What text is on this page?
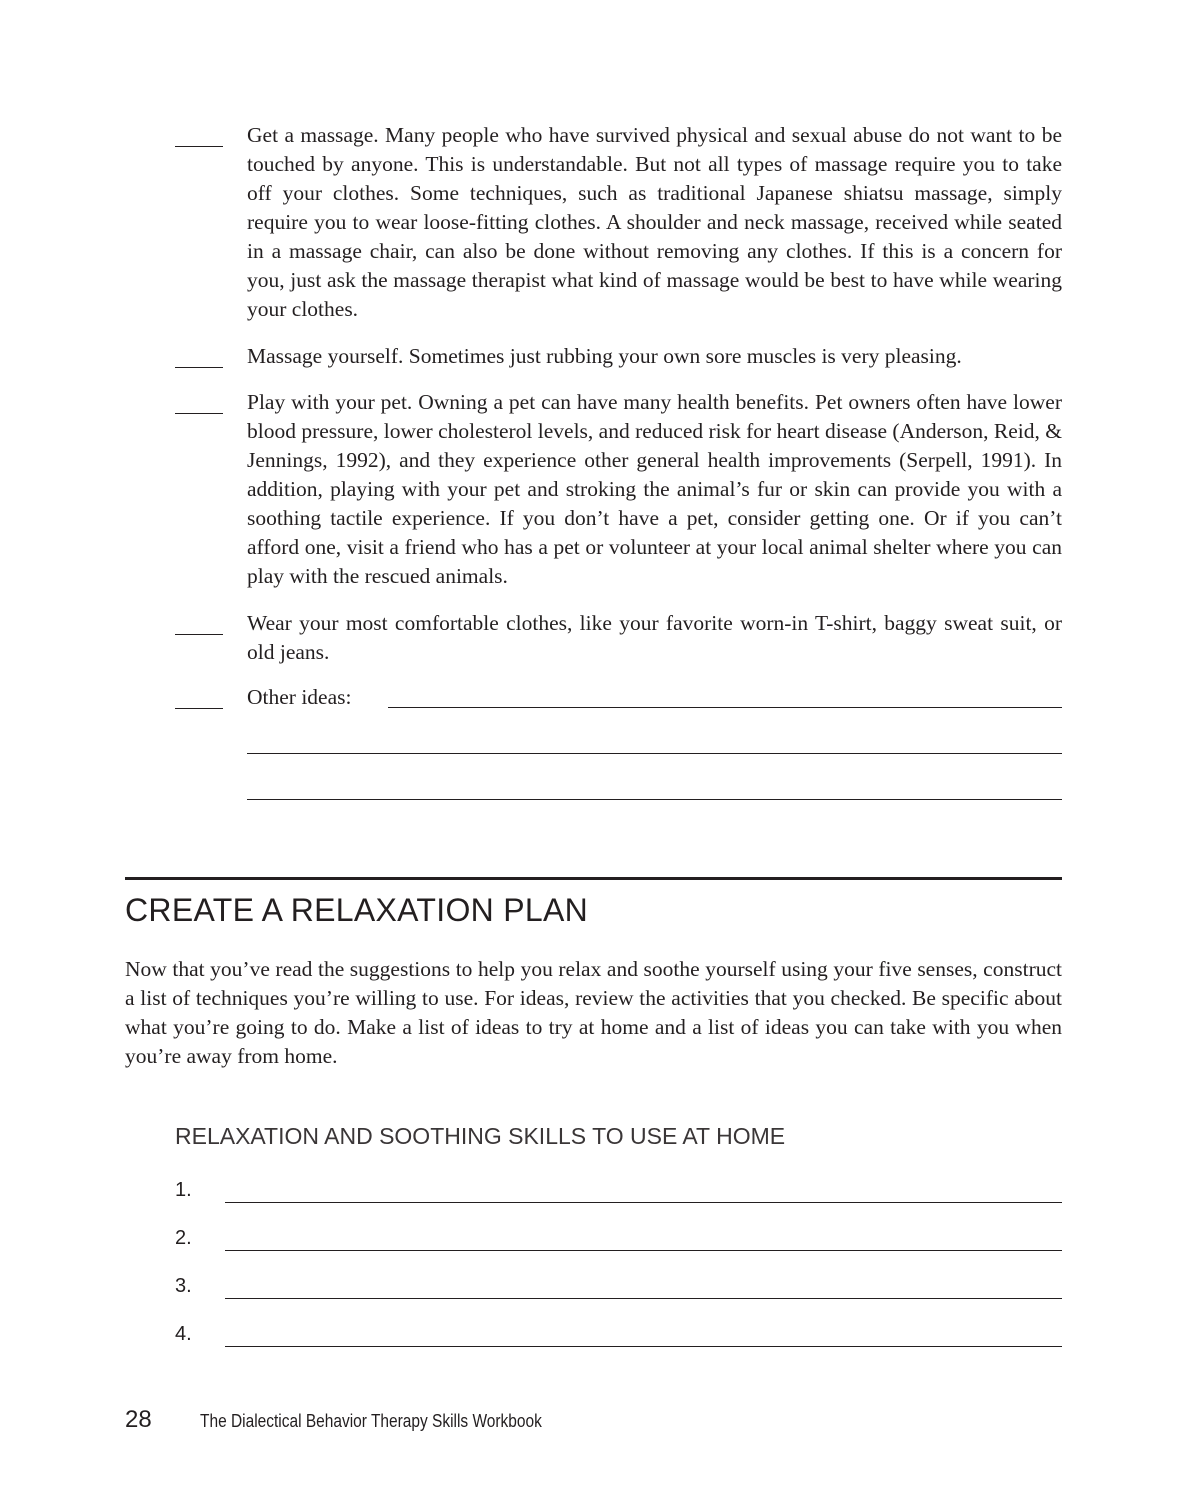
Get a massage. Many people who have survived physical and sexual abuse do not want to be touched by anyone. This is understandable. But not all types of massage require you to take off your clothes. Some techniques, such as traditional Japanese shiatsu massage, simply require you to wear loose-fitting clothes. A shoulder and neck massage, received while seated in a massage chair, can also be done without removing any clothes. If this is a concern for you, just ask the massage therapist what kind of massage would be best to have while wearing your clothes.
Massage yourself. Sometimes just rubbing your own sore muscles is very pleasing.
Play with your pet. Owning a pet can have many health benefits. Pet owners often have lower blood pressure, lower cholesterol levels, and reduced risk for heart disease (Anderson, Reid, & Jennings, 1992), and they experience other general health improvements (Serpell, 1991). In addition, playing with your pet and stroking the animal’s fur or skin can provide you with a soothing tactile experience. If you don’t have a pet, consider getting one. Or if you can’t afford one, visit a friend who has a pet or volunteer at your local animal shelter where you can play with the rescued animals.
Wear your most comfortable clothes, like your favorite worn-in T-shirt, baggy sweat suit, or old jeans.
Other ideas:
CREATE A RELAXATION PLAN

Now that you’ve read the suggestions to help you relax and soothe yourself using your five senses, construct a list of techniques you’re willing to use. For ideas, review the activities that you checked. Be specific about what you’re going to do. Make a list of ideas to try at home and a list of ideas you can take with you when you’re away from home.

RELAXATION AND SOOTHING SKILLS TO USE AT HOME
1.
2.
3.
4.
28	The Dialectical Behavior Therapy Skills Workbook
